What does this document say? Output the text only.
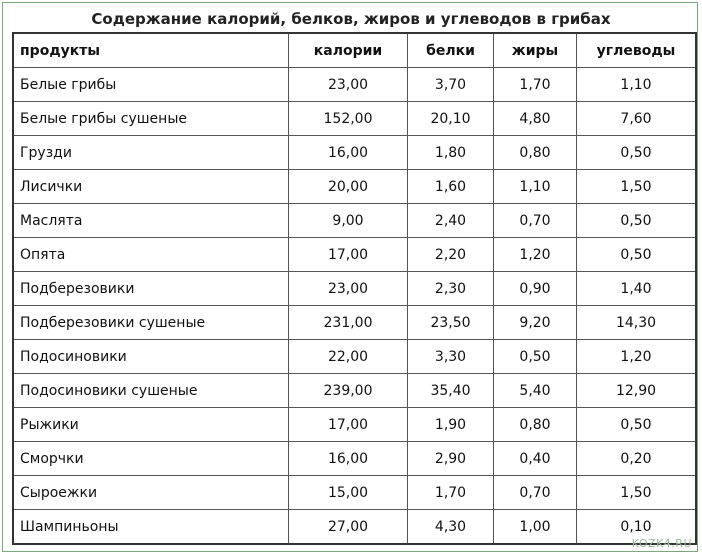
Содержание калорий, белков, жиров и углеводов в грибах
продукты	калории	белки	жиры	углеводы
Белые грибы	23,00	3,70	1,70	1,10
Белые грибы сушеные	152,00	20,10	4,80	7,60
Грузди	16,00	1,80	0,80	0,50
Лисички	20,00	1,60	1,10	1,50
Маслята	9,00	2,40	0,70	0,50
Опята	17,00	2,20	1,20	0,50
Подберезовики	23,00	2,30	0,90	1,40
Подберезовики сушеные	231,00	23,50	9,20	14,30
Подосиновики	22,00	3,30	0,50	1,20
Подосиновики сушеные	239,00	35,40	5,40	12,90
Рыжики	17,00	1,90	0,80	0,50
Сморчки	16,00	2,90	0,40	0,20
Сыроежки	15,00	1,70	0,70	1,50
Шампиньоны	27,00	4,30	1,00	0,10
KOZK4.RU
